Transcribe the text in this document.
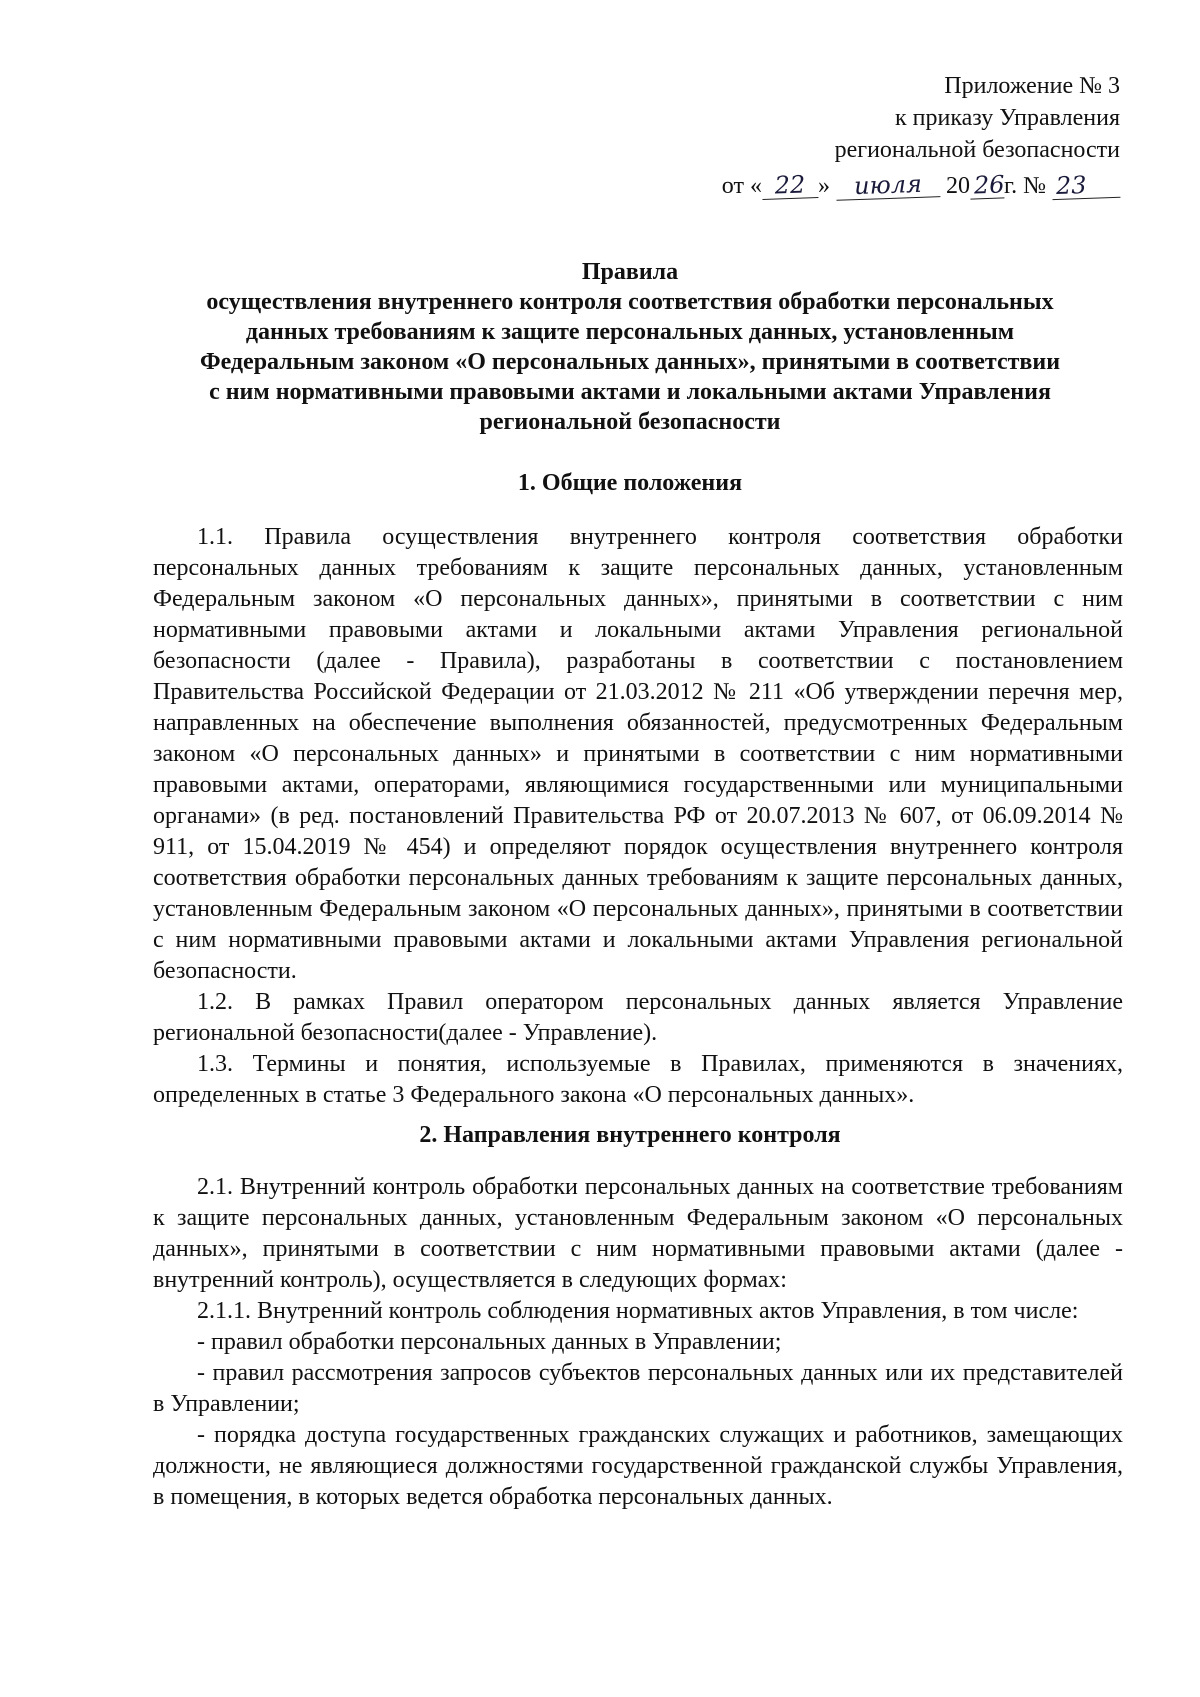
Приложение № 3
к приказу Управления
региональной безопасности
от « 22 » июля 20 26г. № 23
Правила
осуществления внутреннего контроля соответствия обработки персональных
данных требованиям к защите персональных данных, установленным
Федеральным законом «О персональных данных», принятыми в соответствии
с ним нормативными правовыми актами и локальными актами Управления
региональной безопасности
1. Общие положения

1.1. Правила осуществления внутреннего контроля соответствия обработки персональных данных требованиям к защите персональных данных, установленным Федеральным законом «О персональных данных», принятыми в соответствии с ним нормативными правовыми актами и локальными актами Управления региональной безопасности (далее - Правила), разработаны в соответствии с постановлением Правительства Российской Федерации от 21.03.2012 № 211 «Об утверждении перечня мер, направленных на обеспечение выполнения обязанностей, предусмотренных Федеральным законом «О персональных данных» и принятыми в соответствии с ним нормативными правовыми актами, операторами, являющимися государственными или муниципальными органами» (в ред. постановлений Правительства РФ от 20.07.2013 № 607, от 06.09.2014 № 911, от 15.04.2019 № 454) и определяют порядок осуществления внутреннего контроля соответствия обработки персональных данных требованиям к защите персональных данных, установленным Федеральным законом «О персональных данных», принятыми в соответствии с ним нормативными правовыми актами и локальными актами Управления региональной безопасности.

1.2. В рамках Правил оператором персональных данных является Управление региональной безопасности(далее - Управление).

1.3. Термины и понятия, используемые в Правилах, применяются в значениях, определенных в статье 3 Федерального закона «О персональных данных».

2. Направления внутреннего контроля

2.1. Внутренний контроль обработки персональных данных на соответствие требованиям к защите персональных данных, установленным Федеральным законом «О персональных данных», принятыми в соответствии с ним нормативными правовыми актами (далее - внутренний контроль), осуществляется в следующих формах:

2.1.1. Внутренний контроль соблюдения нормативных актов Управления, в том числе:

- правил обработки персональных данных в Управлении;

- правил рассмотрения запросов субъектов персональных данных или их представителей в Управлении;

- порядка доступа государственных гражданских служащих и работников, замещающих должности, не являющиеся должностями государственной гражданской службы Управления, в помещения, в которых ведется обработка персональных данных.
